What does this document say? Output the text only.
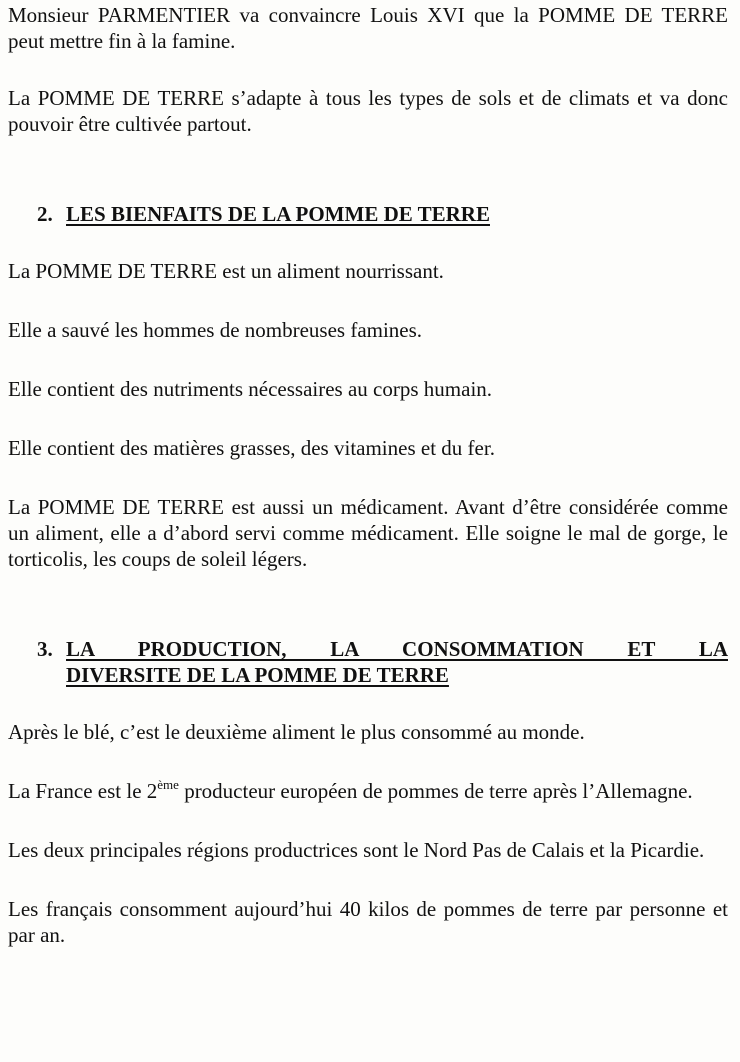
Monsieur PARMENTIER va convaincre Louis XVI que la POMME DE TERRE peut mettre fin à la famine.

La POMME DE TERRE s’adapte à tous les types de sols et de climats et va donc pouvoir être cultivée partout.

2. LES BIENFAITS DE LA POMME DE TERRE

La POMME DE TERRE est un aliment nourrissant.

Elle a sauvé les hommes de nombreuses famines.

Elle contient des nutriments nécessaires au corps humain.

Elle contient des matières grasses, des vitamines et du fer.

La POMME DE TERRE est aussi un médicament. Avant d’être considérée comme un aliment, elle a d’abord servi comme médicament. Elle soigne le mal de gorge, le torticolis, les coups de soleil légers.

3. LA PRODUCTION, LA CONSOMMATION ET LA
DIVERSITE DE LA POMME DE TERRE

Après le blé, c’est le deuxième aliment le plus consommé au monde.

La France est le 2ème producteur européen de pommes de terre après l’Allemagne.

Les deux principales régions productrices sont le Nord Pas de Calais et la Picardie.

Les français consomment aujourd’hui 40 kilos de pommes de terre par personne et par an.
